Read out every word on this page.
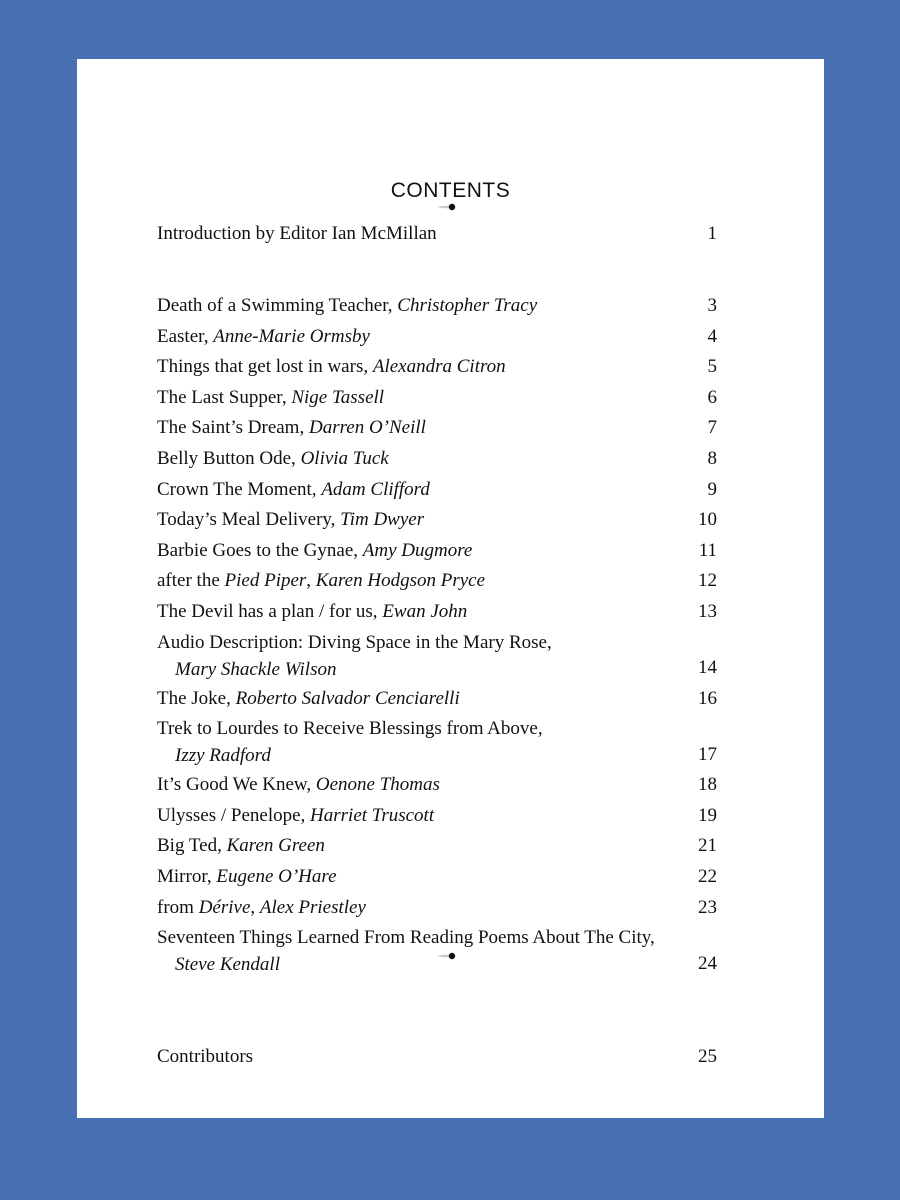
CONTENTS
Introduction by Editor Ian McMillan	1
Death of a Swimming Teacher, Christopher Tracy	3
Easter, Anne-Marie Ormsby	4
Things that get lost in wars, Alexandra Citron	5
The Last Supper, Nige Tassell	6
The Saint’s Dream, Darren O’Neill	7
Belly Button Ode, Olivia Tuck	8
Crown The Moment, Adam Clifford	9
Today’s Meal Delivery, Tim Dwyer	10
Barbie Goes to the Gynae, Amy Dugmore	11
after the Pied Piper, Karen Hodgson Pryce	12
The Devil has a plan / for us, Ewan John	13
Audio Description: Diving Space in the Mary Rose,
Mary Shackle Wilson	14
The Joke, Roberto Salvador Cenciarelli	16
Trek to Lourdes to Receive Blessings from Above,
Izzy Radford	17
It’s Good We Knew, Oenone Thomas	18
Ulysses / Penelope, Harriet Truscott	19
Big Ted, Karen Green	21
Mirror, Eugene O’Hare	22
from Dérive, Alex Priestley	23
Seventeen Things Learned From Reading Poems About The City,
Steve Kendall	24
Contributors	25
